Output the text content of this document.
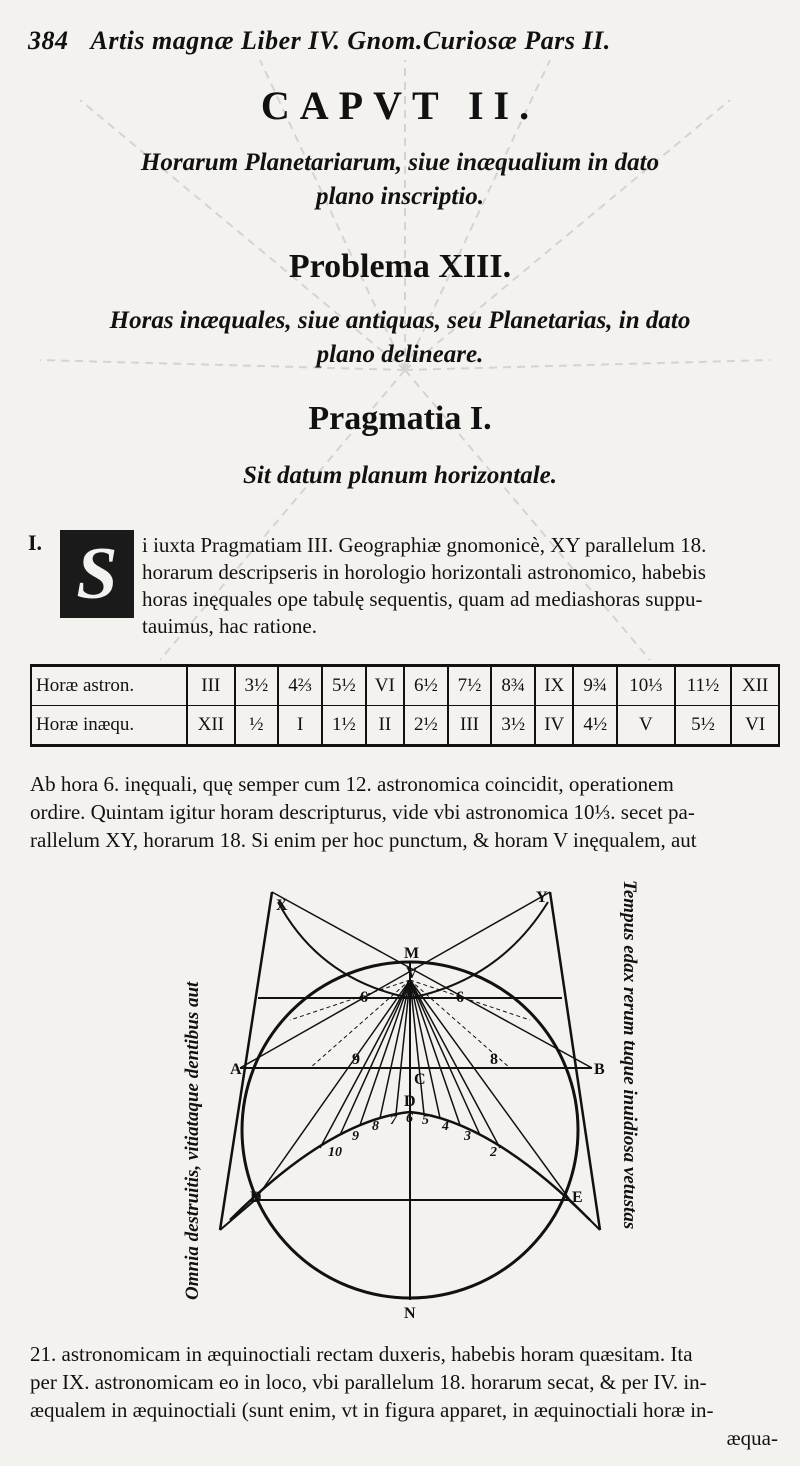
384 Artis magnæ Liber IV. Gnom.Curiosæ Pars II.
CAPVT II.
Horarum Planetariarum, siue inæqualium in dato
plano inscriptio.
Problema XIII.
Horas inæquales, siue antiquas, seu Planetarias, in dato
plano delineare.
Pragmatia I.
Sit datum planum horizontale.
I. S	i iuxta Pragmatiam III. Geographiæ gnomonicè, XY parallelum 18.
horarum descripseris in horologio horizontali astronomico, habebis
horas inęquales ope tabulę sequentis, quam ad mediashoras suppu-
tauimus, hac ratione.
Horæ astron.	III	3½	4⅔	5½	VI	6½	7½	8¾	IX	9¾	10⅓	11½	XII
Horæ inæqu.	XII	½	I	1½	II	2½	III	3½	IV	4½	V	5½	VI
Ab hora 6. inęquali, quę semper cum 12. astronomica coincidit, operationem
ordire. Quintam igitur horam descripturus, vide vbi astronomica 10⅓. secet pa-
rallelum XY, horarum 18. Si enim per hoc punctum, & horam V inęqualem, aut
M
V
X	Y
6	6
A	B
9	8
C
D
D	E
N
10
9
8 7 6 5 4
3
2
Omnia destruitis, vitiataque dentibus aut	Tempus edax rerum tuque inuidiosa vetustas
21. astronomicam in æquinoctiali rectam duxeris, habebis horam quæsitam. Ita
per IX. astronomicam eo in loco, vbi parallelum 18. horarum secat, & per IV. in-
æqualem in æquinoctiali (sunt enim, vt in figura apparet, in æquinoctiali horæ in-
æqua-
